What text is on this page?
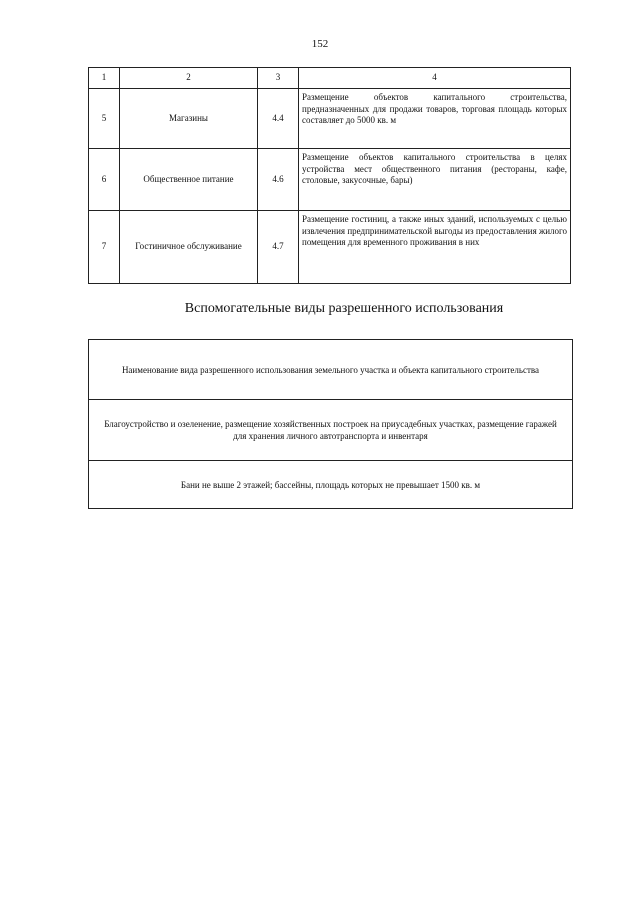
152
1	2	3	4
5	Магазины	4.4	Размещение объектов капитального строительства, предназначенных для продажи товаров, торговая площадь которых составляет до 5000 кв. м
6	Общественное питание	4.6	Размещение объектов капитального строительства в целях устройства мест общественного питания (рестораны, кафе, столовые, закусочные, бары)
7	Гостиничное обслуживание	4.7	Размещение гостиниц, а также иных зданий, используемых с целью извлечения предпринимательской выгоды из предоставления жилого помещения для временного проживания в них
Вспомогательные виды разрешенного использования
Наименование вида разрешенного использования земельного участка и объекта капитального строительства
Благоустройство и озеленение, размещение хозяйственных построек на приусадебных участках, размещение гаражей для хранения личного автотранспорта и инвентаря
Бани не выше 2 этажей; бассейны, площадь которых не превышает 1500 кв. м
